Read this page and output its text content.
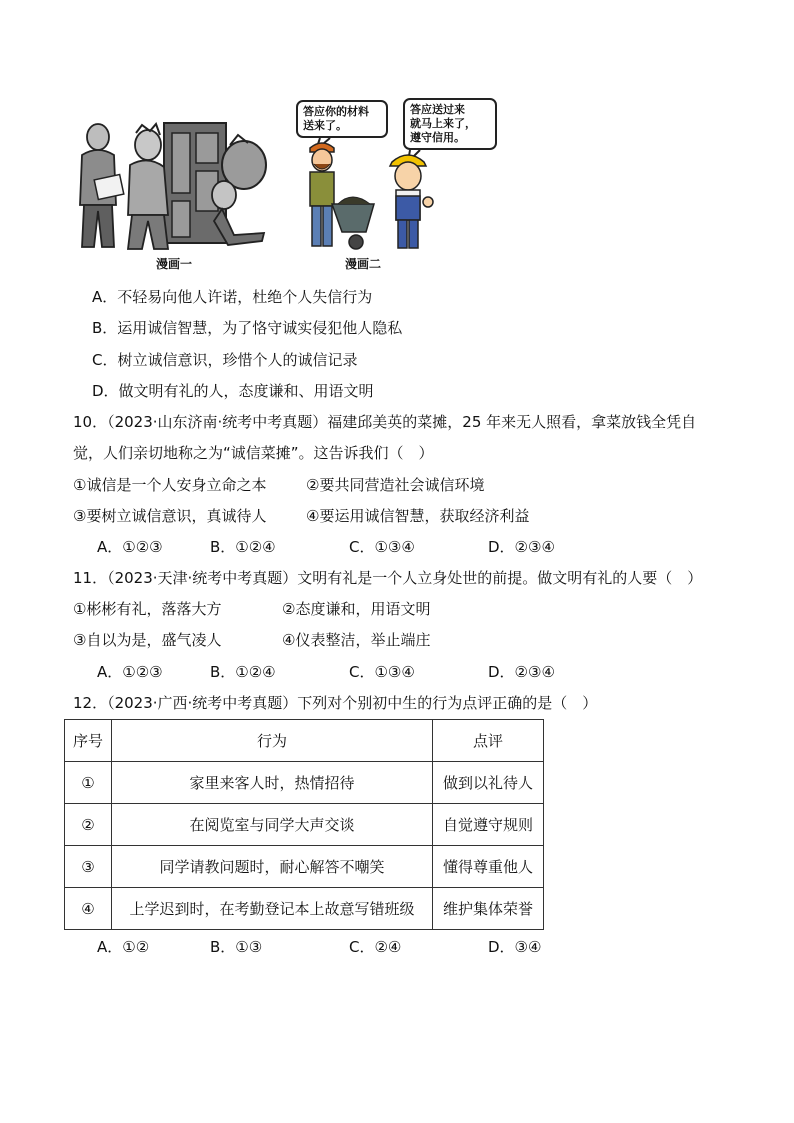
漫画一
答应你的材料
送来了。
答应送过来
就马上来了，
遵守信用。
漫画二
A．不轻易向他人许诺，杜绝个人失信行为
B．运用诚信智慧，为了恪守诚实侵犯他人隐私
C．树立诚信意识，珍惜个人的诚信记录
D．做文明有礼的人，态度谦和、用语文明
10．（2023·山东济南·统考中考真题）福建邱美英的菜摊，25 年来无人照看，拿菜放钱全凭自
觉，人们亲切地称之为“诚信菜摊”。这告诉我们（　）
①诚信是一个人安身立命之本	②要共同营造社会诚信环境
③要树立诚信意识，真诚待人	④要运用诚信智慧，获取经济利益
A．①②③	B．①②④	C．①③④	D．②③④
11．（2023·天津·统考中考真题）文明有礼是一个人立身处世的前提。做文明有礼的人要（　）
①彬彬有礼，落落大方	②态度谦和，用语文明
③自以为是，盛气凌人	④仪表整洁，举止端庄
A．①②③	B．①②④	C．①③④	D．②③④
12．（2023·广西·统考中考真题）下列对个别初中生的行为点评正确的是（　）
序号	行为	点评
①	家里来客人时，热情招待	做到以礼待人
②	在阅览室与同学大声交谈	自觉遵守规则
③	同学请教问题时，耐心解答不嘲笑	懂得尊重他人
④	上学迟到时，在考勤登记本上故意写错班级	维护集体荣誉
A．①②	B．①③	C．②④	D．③④
